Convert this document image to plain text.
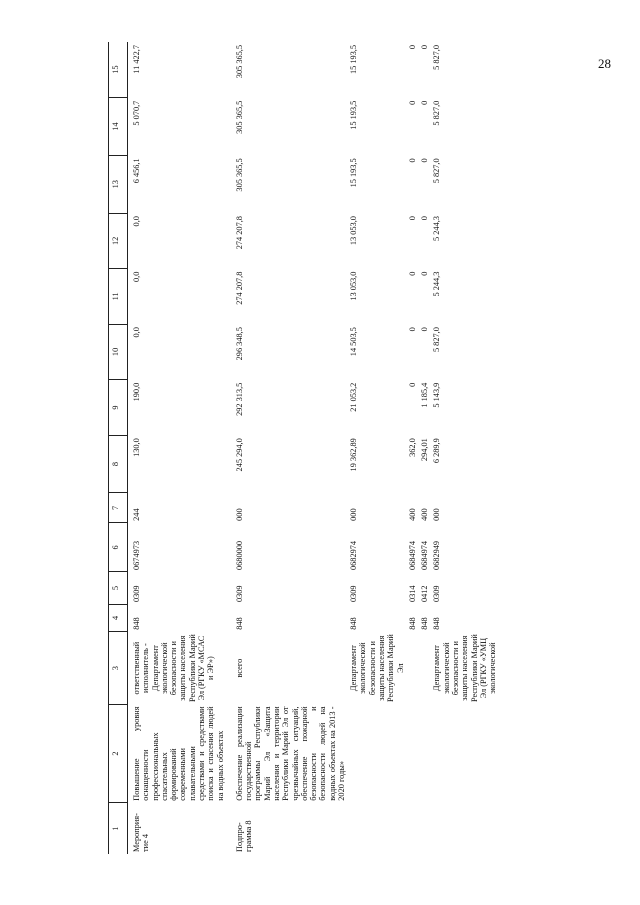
28
1	2	3	4	5	6	7	8	9	10	11	12	13	14	15
Мероприя-тие 4	Повышение уровня оснащенности профессиональных спасательных формирований современными плавательными средствами и средствами поиска и спасения людей на водных объектах	ответственный исполнитель - Департамент экологической безопасности и защиты населения Республики Марий Эл (РГКУ «МСАС и ЭР»)	848	0309	0674973	244	130,0	190,0	0,0	0,0	0,0	6 456,1	5 070,7	11 422,7
Подпро-грамма 8	Обеспечение реализации государственной программы Республики Марий Эл «Защита населения и территории Республики Марий Эл от чрезвычайных ситуаций, обеспечение пожарной безопасности и безопасности людей на водных объектах на 2013 - 2020 годы»	всего	848	0309	0680000	000	245 294,0	292 313,5	296 348,5	274 207,8	274 207,8	305 365,5	305 365,5	305 365,5
		Департамент экологической безопасности и защиты населения Республики Марий Эл	848	0309	0682974	000	19 362,89	21 053,2	14 503,5	13 053,0	13 053,0	15 193,5	15 193,5	15 193,5
			848	0314	0684974	400	362,0	0	0	0	0	0	0	0
			848	0412	0684974	400	294,01	1 185,4	0	0	0	0	0	0
		Департамент экологической безопасности и защиты населения Республики Марий Эл (РГКУ «УМЦ экологической	848	0309	0682949	000	6 289,9	5 143,9	5 827,0	5 244,3	5 244,3	5 827,0	5 827,0	5 827,0
